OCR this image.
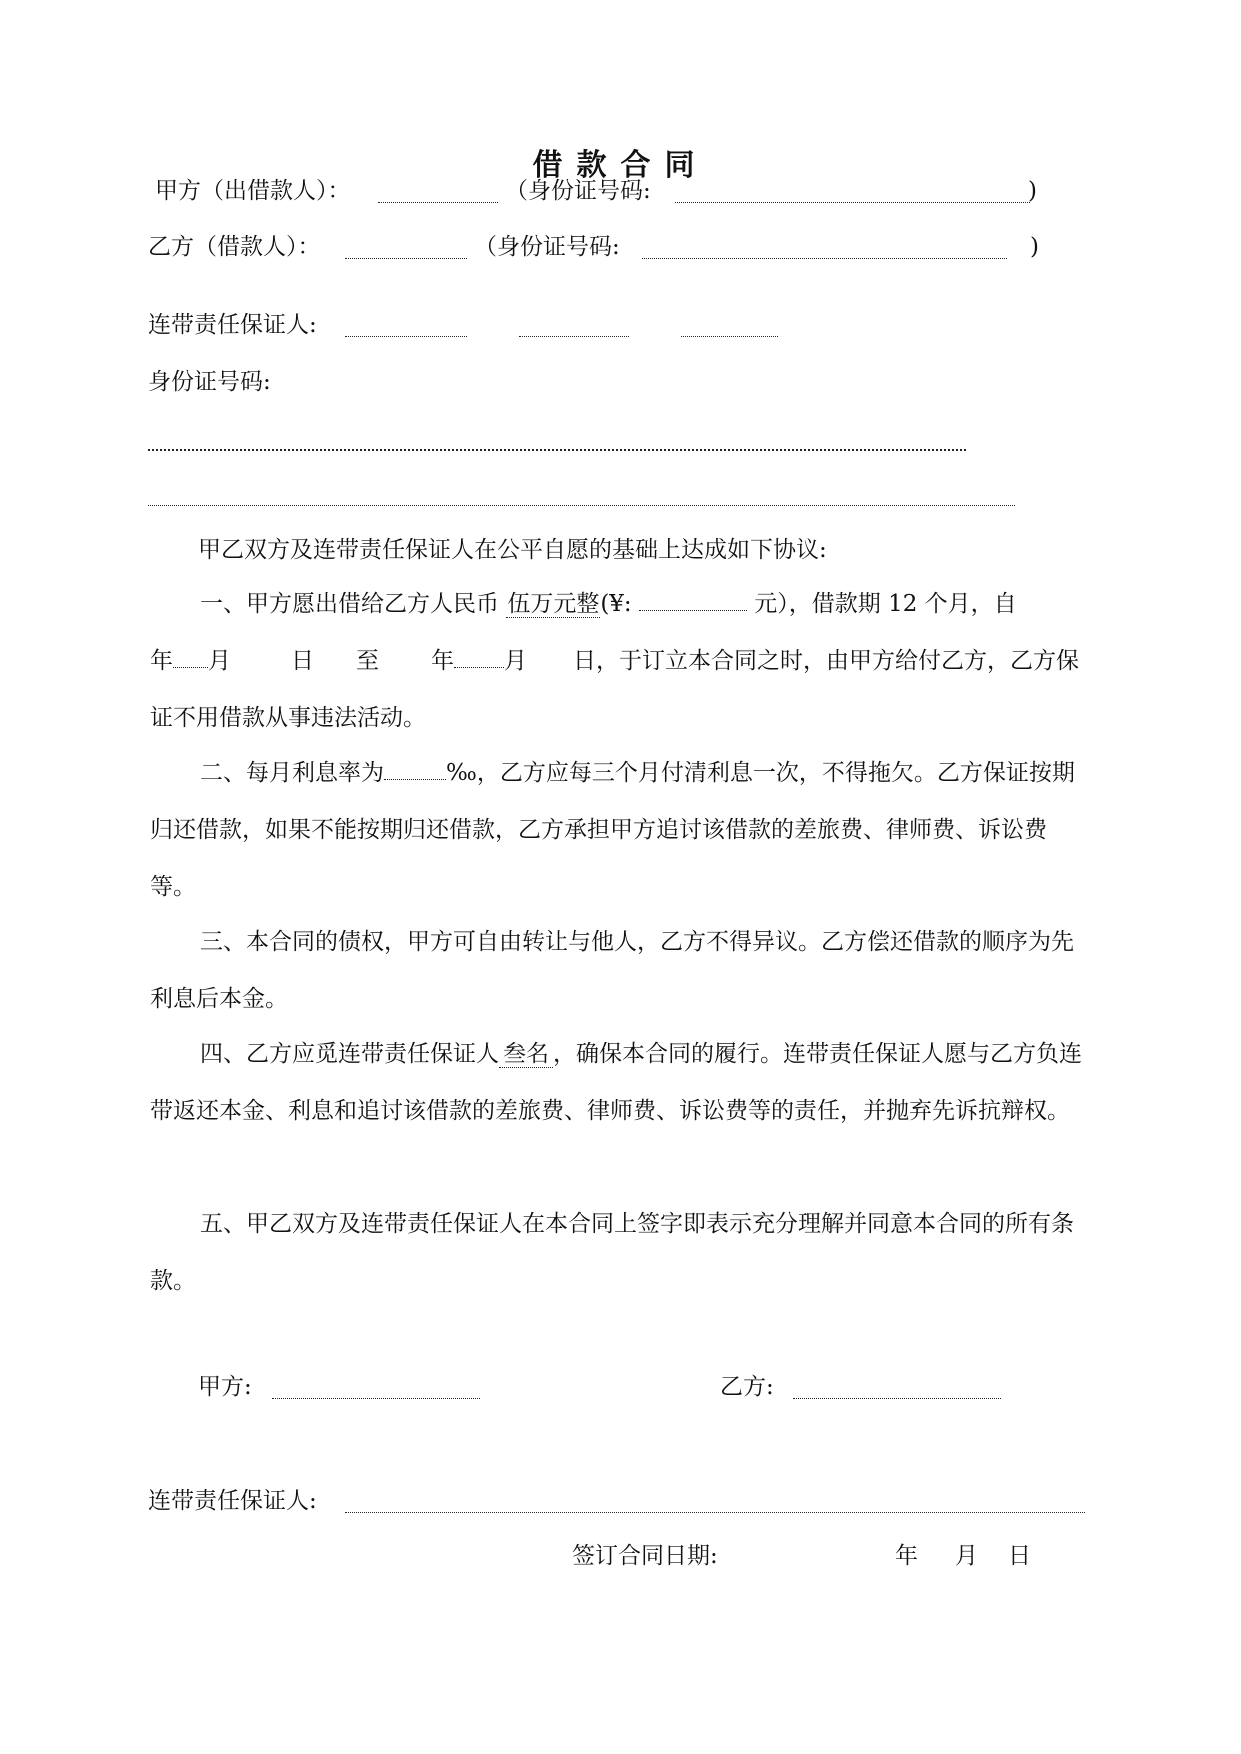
借款合同
甲方（出借款人）：	（身份证号码:	)
乙方（借款人）：	（身份证号码:	)
连带责任保证人:
身份证号码:
甲乙双方及连带责任保证人在公平自愿的基础上达成如下协议:
一、甲方愿出借给乙方人民币 伍万元整(¥:	元），借款期 12 个月，自
年 月	日 至 年 月 日，于订立本合同之时，由甲方给付乙方，乙方保证不用借款从事违法活动。
二、每月利息率为	‰，乙方应每三个月付清利息一次，不得拖欠。乙方保证按期归还借款，如果不能按期归还借款，乙方承担甲方追讨该借款的差旅费、律师费、诉讼费等。
三、本合同的债权，甲方可自由转让与他人，乙方不得异议。乙方偿还借款的顺序为先利息后本金。
四、乙方应觅连带责任保证人 叁名 ，确保本合同的履行。连带责任保证人愿与乙方负连带返还本金、利息和追讨该借款的差旅费、律师费、诉讼费等的责任，并抛弃先诉抗辩权。
五、甲乙双方及连带责任保证人在本合同上签字即表示充分理解并同意本合同的所有条款。
甲方:	乙方:
连带责任保证人:
签订合同日期:	年 月 日
